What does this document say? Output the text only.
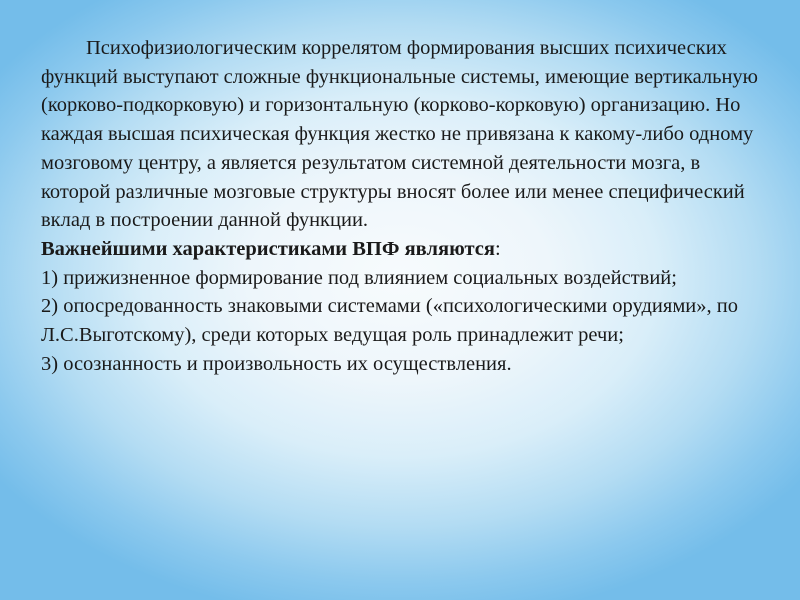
Психофизиологическим коррелятом формирования высших психических функций выступают сложные функциональные системы, имеющие вертикальную (корково-подкорковую) и горизонтальную (корково-корковую) организацию. Но каждая высшая психическая функция жестко не привязана к какому-либо одному мозговому центру, а является результатом системной деятельности мозга, в которой различные мозговые структуры вносят более или менее специфический вклад в построении данной функции.

Важнейшими характеристиками ВПФ являются:

1) прижизненное формирование под влиянием социальных воздействий;

2) опосредованность знаковыми системами («психологическими орудиями», по Л.С.Выготскому), среди которых ведущая роль принадлежит речи;

3) осознанность и произвольность их осуществления.
